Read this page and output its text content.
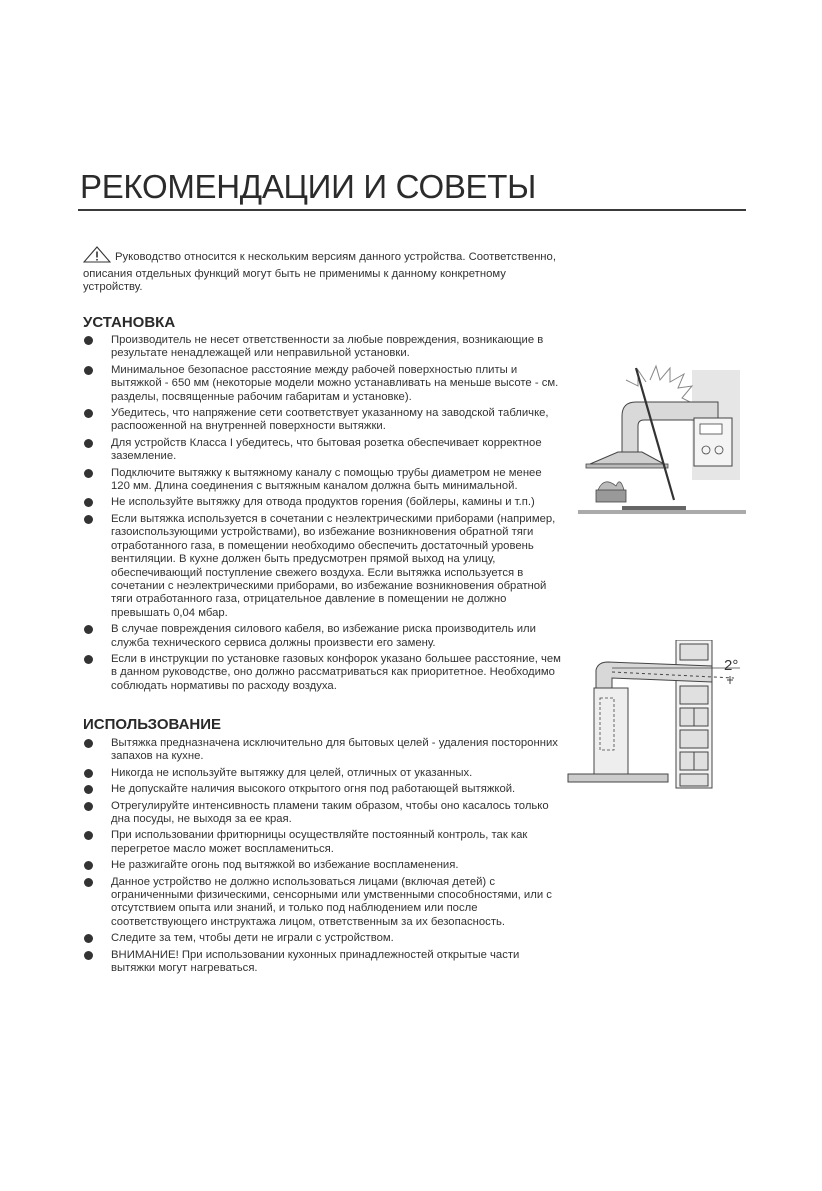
РЕКОМЕНДАЦИИ И СОВЕТЫ
Руководство относится к нескольким версиям данного устройства. Соответственно, описания отдельных функций могут быть не применимы к данному конкретному устройству.
УСТАНОВКА
Производитель не несет ответственности за любые повреждения, возникающие в результате ненадлежащей или неправильной установки.
Минимальное безопасное расстояние между рабочей поверхностью плиты и вытяжкой - 650 мм (некоторые модели можно устанавливать на меньше высоте - см. разделы, посвященные рабочим габаритам и установке).
Убедитесь, что напряжение сети соответствует указанному на заводской табличке, распооженной на внутренней поверхности вытяжки.
Для устройств Класса I убедитесь, что бытовая розетка обеспечивает корректное заземление.
Подключите вытяжку к вытяжному каналу с помощью трубы диаметром не менее 120 мм. Длина соединения с вытяжным каналом должна быть минимальной.
Не используйте вытяжку для отвода продуктов горения (бойлеры, камины и т.п.)
Если вытяжка используется в сочетании с неэлектрическими приборами (например, газоиспользующими устройствами), во избежание возникновения обратной тяги отработанного газа, в помещении необходимо обеспечить достаточный уровень вентиляции. В кухне должен быть предусмотрен прямой выход на улицу, обеспечивающий поступление свежего воздуха. Если вытяжка используется в сочетании с неэлектрическими приборами, во избежание возникновения обратной тяги отработанного газа, отрицательное давление в помещении не должно превышать 0,04 мбар.
В случае повреждения силового кабеля, во избежание риска производитель или служба технического сервиса должны произвести его замену.
Если в инструкции по установке газовых конфорок указано большее расстояние, чем в данном руководстве, оно должно рассматриваться как приоритетное. Необходимо соблюдать нормативы по расходу воздуха.
ИСПОЛЬЗОВАНИЕ
Вытяжка предназначена исключительно для бытовых целей - удаления посторонних запахов на кухне.
Никогда не используйте вытяжку для целей, отличных от указанных.
Не допускайте наличия высокого открытого огня под работающей вытяжкой.
Отрегулируйте интенсивность пламени таким образом, чтобы оно касалось только дна посуды, не выходя за ее края.
При использовании фритюрницы осуществляйте постоянный контроль, так как перегретое масло может воспламениться.
Не разжигайте огонь под вытяжкой во избежание воспламенения.
Данное устройство не должно использоваться лицами (включая детей) с ограниченными физическими, сенсорными или умственными способностями, или с отсутствием опыта или знаний, и только под наблюдением или после соответствующего инструктажа лицом, ответственным за их безопасность.
Следите за тем, чтобы дети не играли с устройством.
ВНИМАНИЕ! При использовании кухонных принадлежностей открытые части вытяжки могут нагреваться.
2°
